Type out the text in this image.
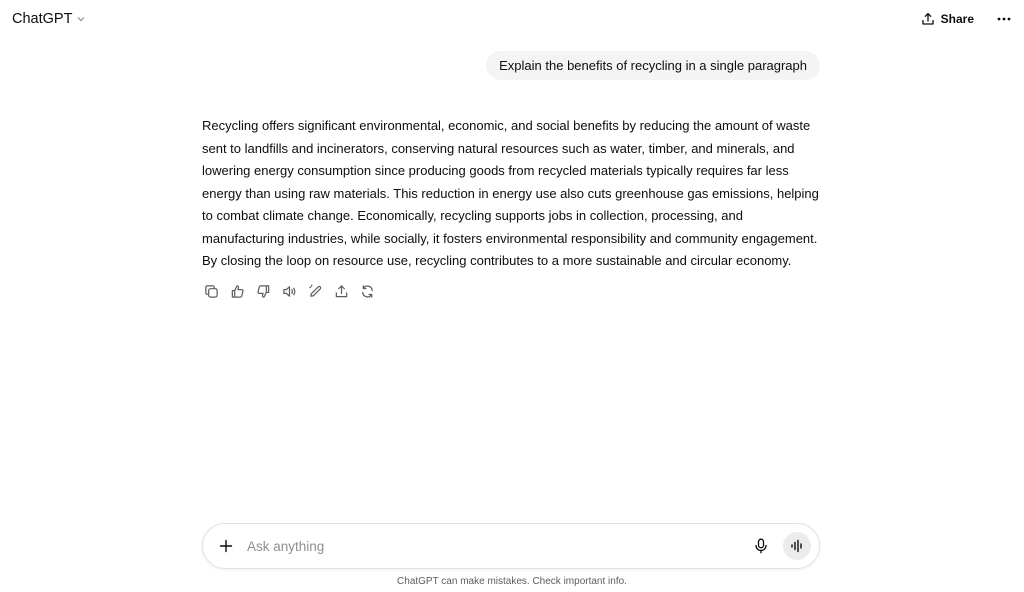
ChatGPT	Share
Explain the benefits of recycling in a single paragraph

Recycling offers significant environmental, economic, and social benefits by reducing the amount of waste sent to landfills and incinerators, conserving natural resources such as water, timber, and minerals, and lowering energy consumption since producing goods from recycled materials typically requires far less energy than using raw materials. This reduction in energy use also cuts greenhouse gas emissions, helping to combat climate change. Economically, recycling supports jobs in collection, processing, and manufacturing industries, while socially, it fosters environmental responsibility and community engagement. By closing the loop on resource use, recycling contributes to a more sustainable and circular economy.

Ask anything
ChatGPT can make mistakes. Check important info.
